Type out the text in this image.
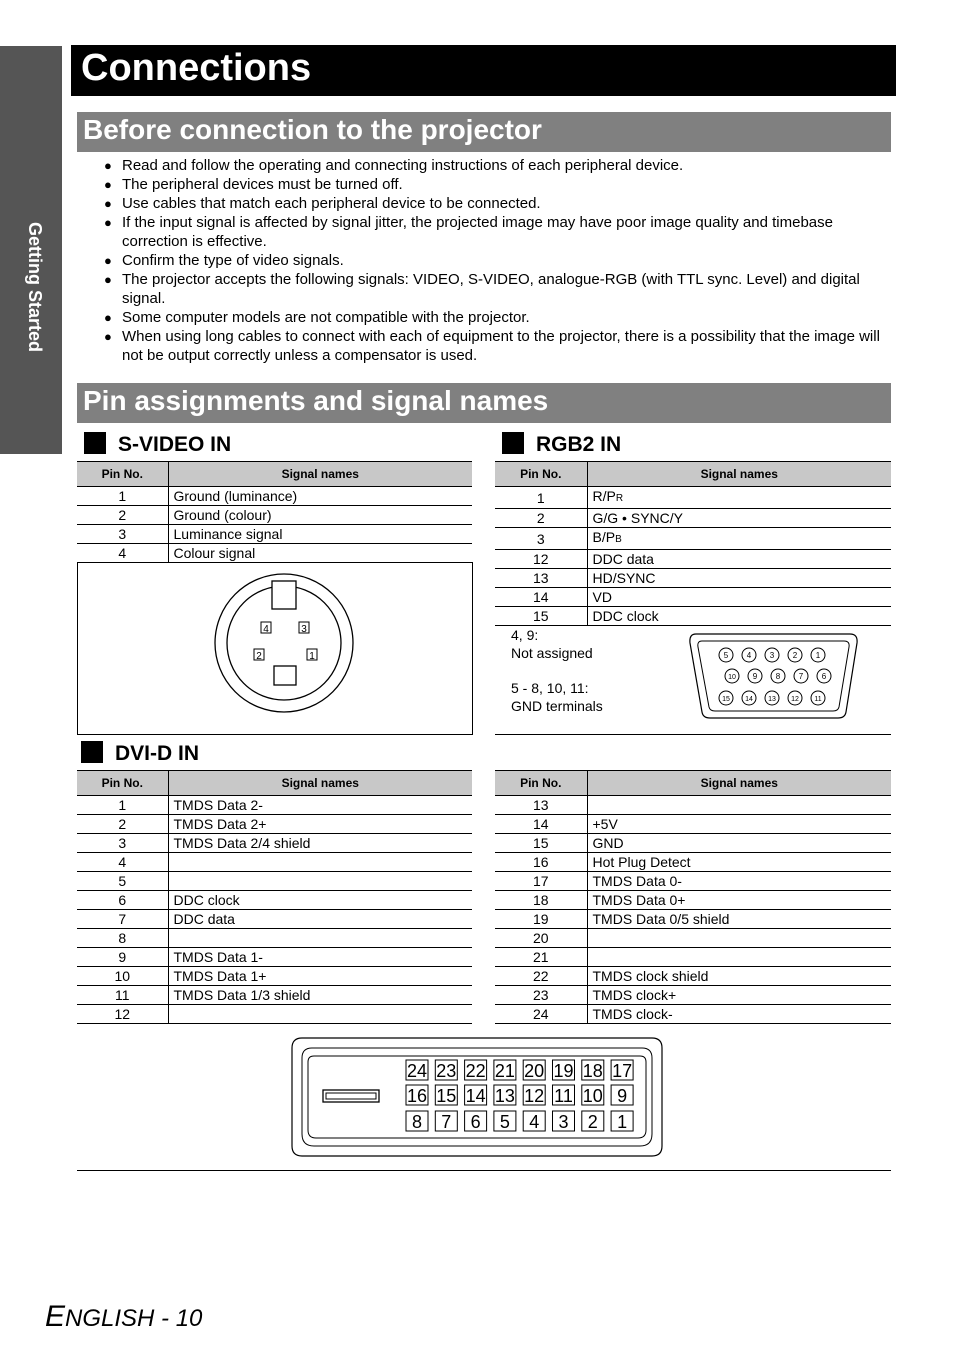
Getting Started
Connections
Before connection to the projector
● Read and follow the operating and connecting instructions of each peripheral device.
● The peripheral devices must be turned off.
● Use cables that match each peripheral device to be connected.
● If the input signal is affected by signal jitter, the projected image may have poor image quality and timebase correction is effective.
● Confirm the type of video signals.
● The projector accepts the following signals: VIDEO, S-VIDEO, analogue-RGB (with TTL sync. Level) and digital signal.
● Some computer models are not compatible with the projector.
● When using long cables to connect with each of equipment to the projector, there is a possibility that the image will not be output correctly unless a compensator is used.
Pin assignments and signal names
S-VIDEO IN
Pin No.	Signal names
1	Ground (luminance)
2	Ground (colour)
3	Luminance signal
4	Colour signal
4	3
2	1
RGB2 IN
Pin No.	Signal names
1	R/PR
2	G/G • SYNC/Y
3	B/PB
12	DDC data
13	HD/SYNC
14	VD
15	DDC clock
4, 9:
Not assigned
5 - 8, 10, 11:
GND terminals
5 4 3 2 1
10 9 8 7 6
15 14 13 12 11
DVI-D IN
Pin No.	Signal names
1	TMDS Data 2-
2	TMDS Data 2+
3	TMDS Data 2/4 shield
4	
5	
6	DDC clock
7	DDC data
8	
9	TMDS Data 1-
10	TMDS Data 1+
11	TMDS Data 1/3 shield
12	
Pin No.	Signal names
13	
14	+5V
15	GND
16	Hot Plug Detect
17	TMDS Data 0-
18	TMDS Data 0+
19	TMDS Data 0/5 shield
20	
21	
22	TMDS clock shield
23	TMDS clock+
24	TMDS clock-
24 23 22 21 20 19 18 17
16 15 14 13 12 11 10 9
8 7 6 5 4 3 2 1
ENGLISH - 10
